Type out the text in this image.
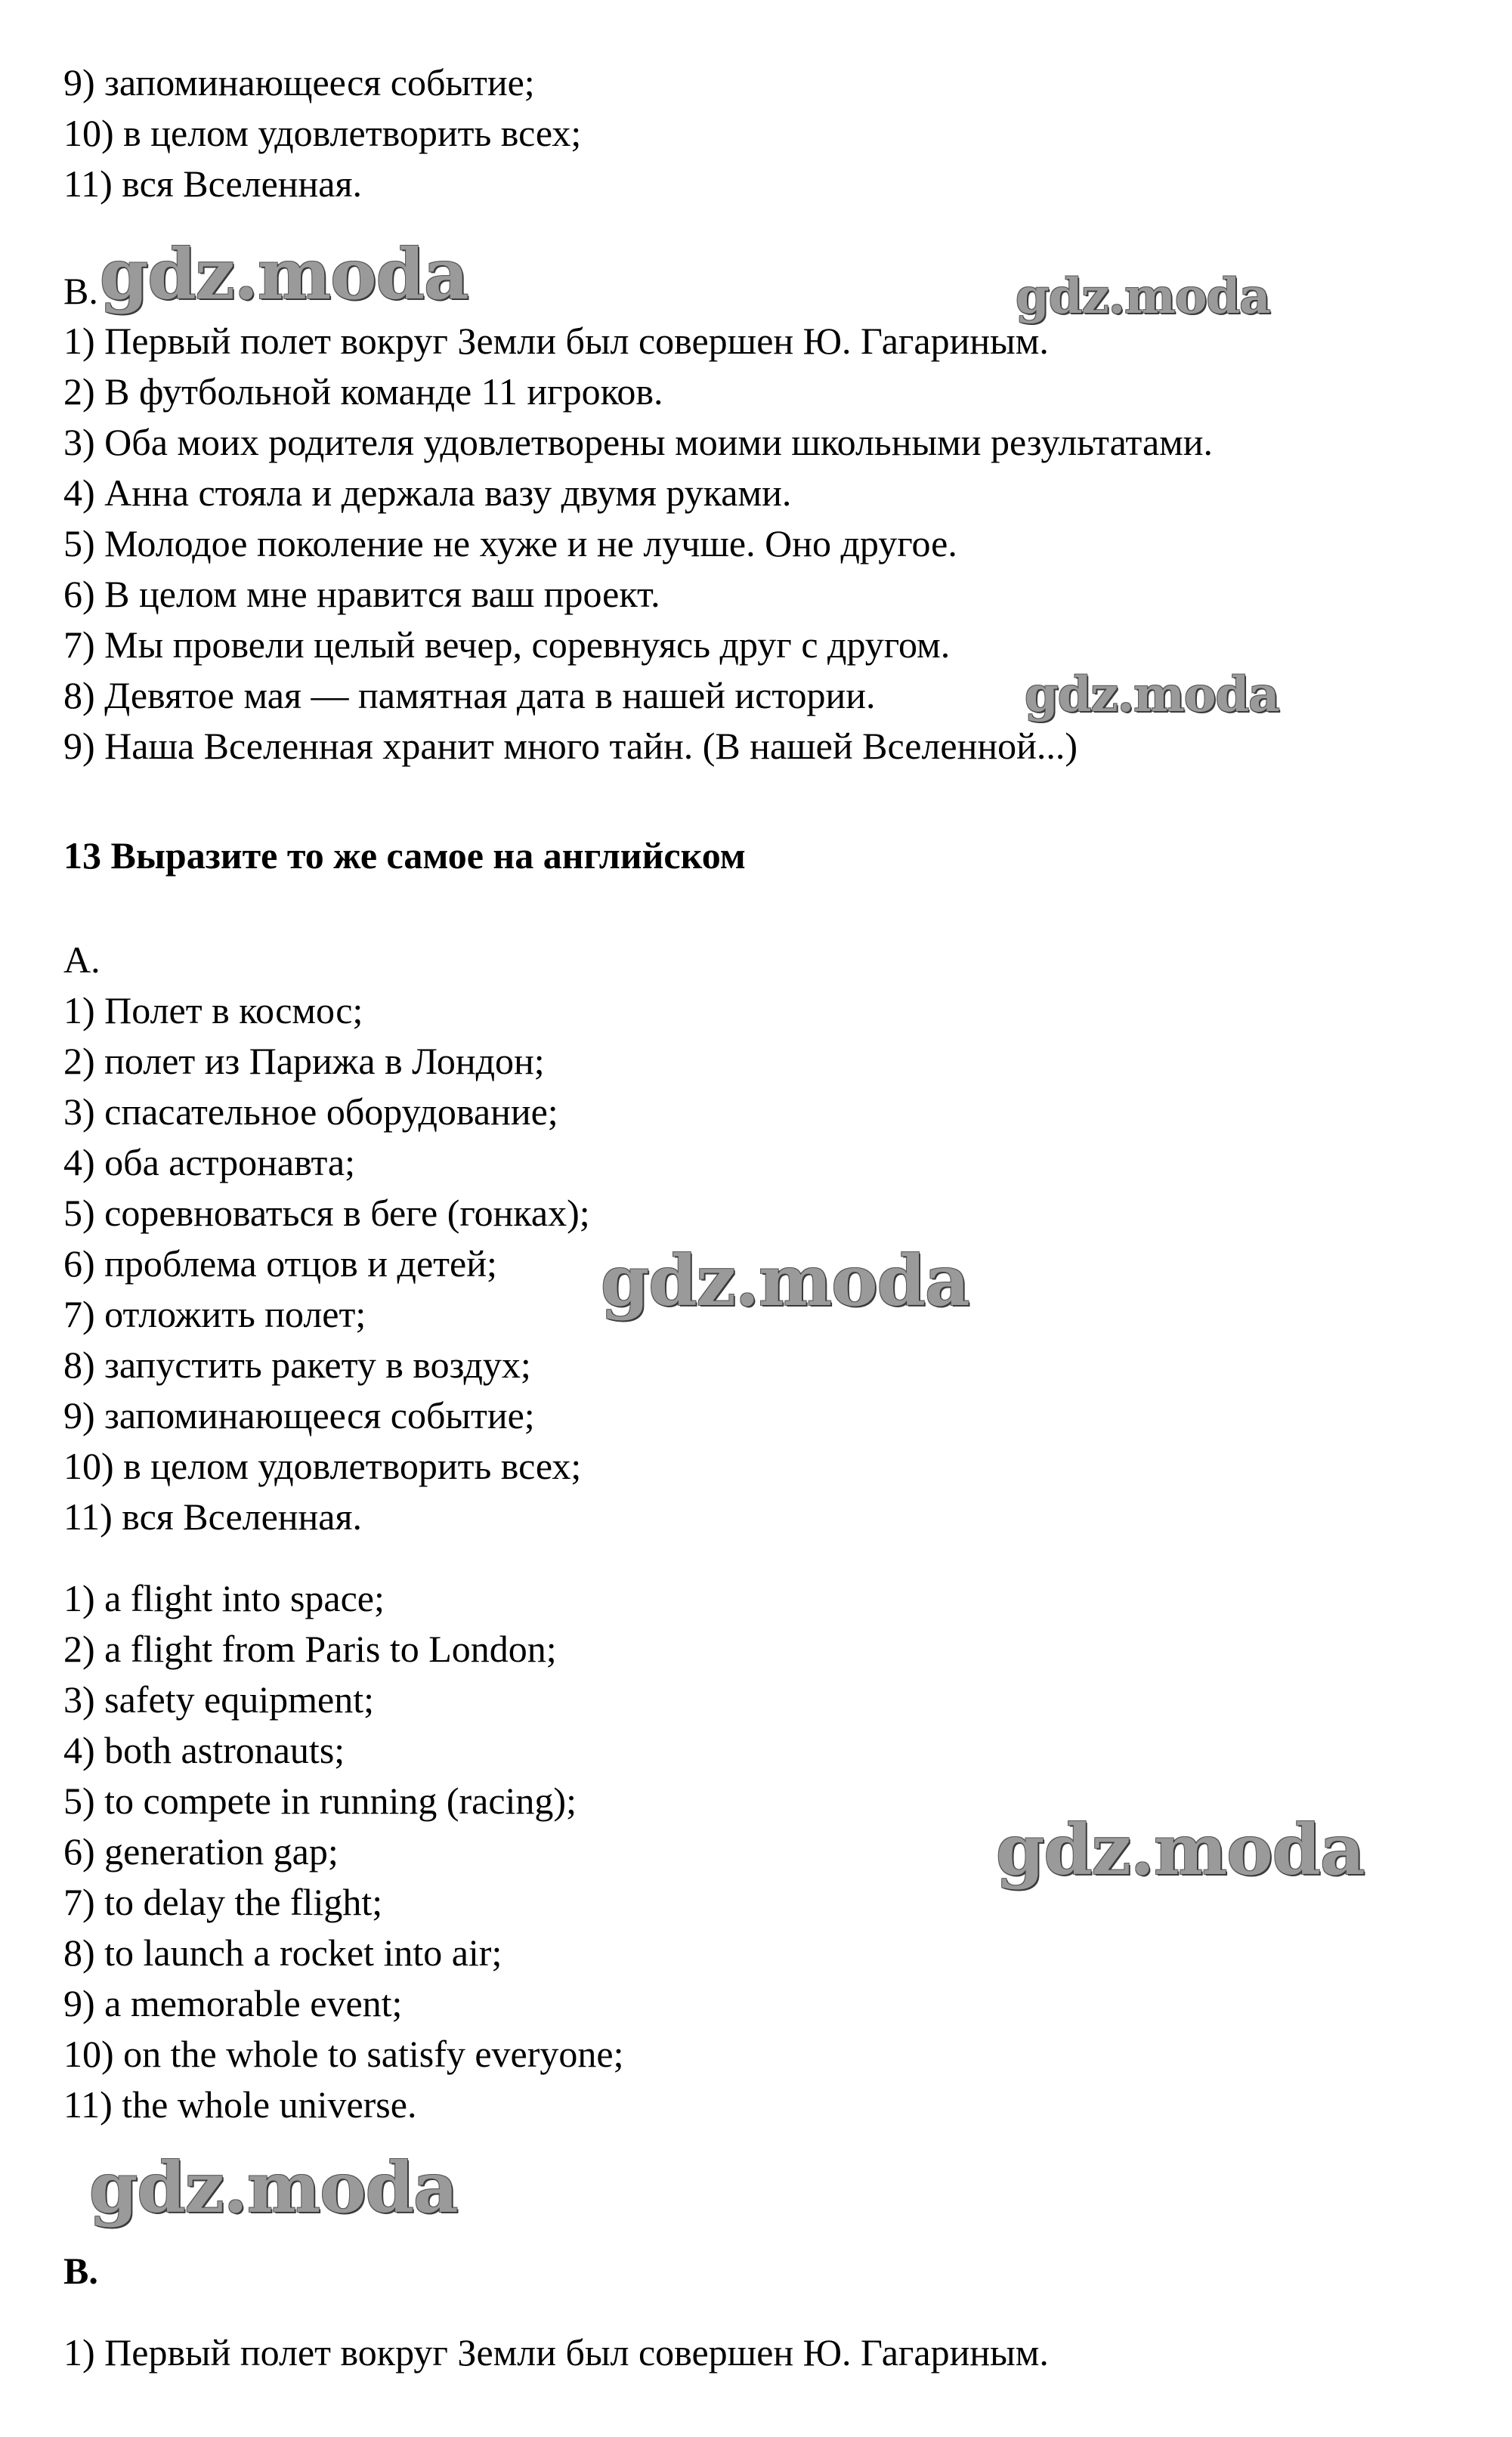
9) запоминающееся событие;
10) в целом удовлетворить всех;
11) вся Вселенная.
В.
1) Первый полет вокруг Земли был совершен Ю. Гагариным.
2) В футбольной команде 11 игроков.
3) Оба моих родителя удовлетворены моими школьными результатами.
4) Анна стояла и держала вазу двумя руками.
5) Молодое поколение не хуже и не лучше. Оно другое.
6) В целом мне нравится ваш проект.
7) Мы провели целый вечер, соревнуясь друг с другом.
8) Девятое мая — памятная дата в нашей истории.
9) Наша Вселенная хранит много тайн. (В нашей Вселенной...)
13 Выразите то же самое на английском
А.
1) Полет в космос;
2) полет из Парижа в Лондон;
3) спасательное оборудование;
4) оба астронавта;
5) соревноваться в беге (гонках);
6) проблема отцов и детей;
7) отложить полет;
8) запустить ракету в воздух;
9) запоминающееся событие;
10) в целом удовлетворить всех;
11) вся Вселенная.
1) a flight into space;
2) a flight from Paris to London;
3) safety equipment;
4) both astronauts;
5) to compete in running (racing);
6) generation gap;
7) to delay the flight;
8) to launch a rocket into air;
9) a memorable event;
10) on the whole to satisfy everyone;
11) the whole universe.
B.
1) Первый полет вокруг Земли был совершен Ю. Гагариным.
gdz.moda	gdz.moda
gdz.moda
gdz.moda
gdz.moda
gdz.moda
